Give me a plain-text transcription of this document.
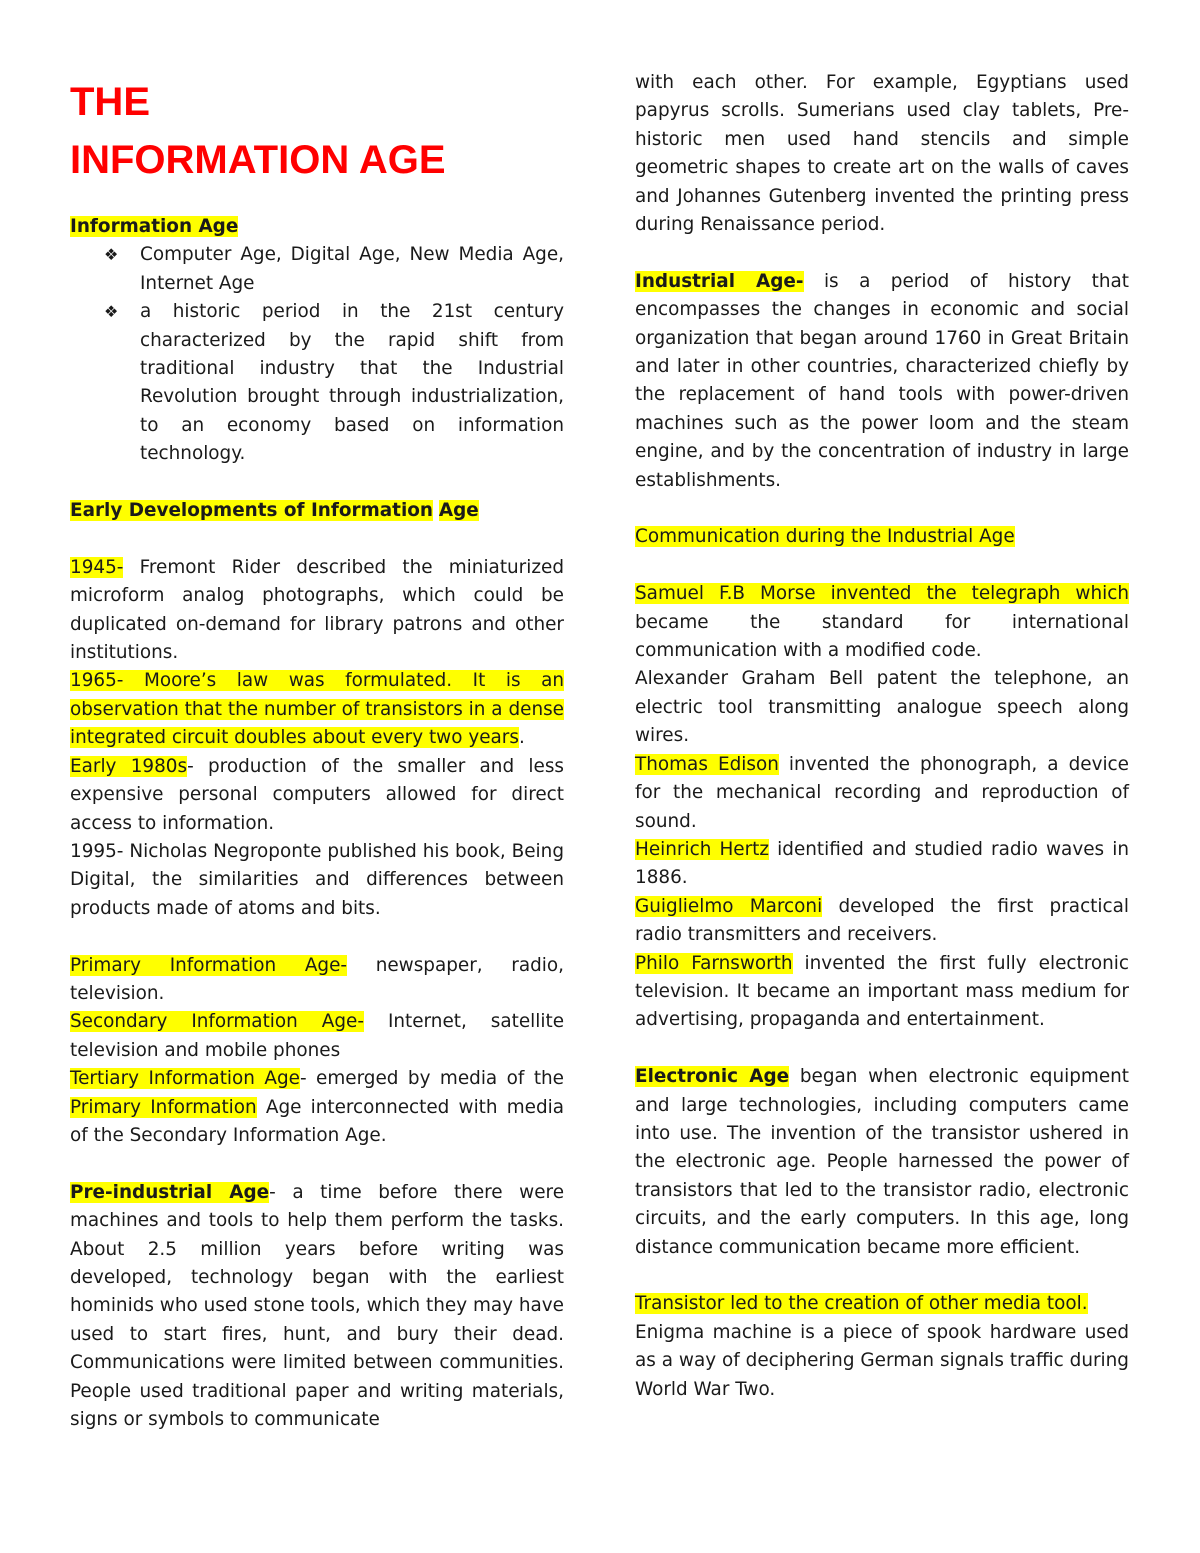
THE
INFORMATION AGE

Information Age

❖ Computer Age, Digital Age, New Media Age, Internet Age
❖ a historic period in the 21st century characterized by the rapid shift from traditional industry that the Industrial Revolution brought through industrialization, to an economy based on information technology.

Early Developments of Information Age

1945- Fremont Rider described the miniaturized microform analog photographs, which could be duplicated on-demand for library patrons and other institutions.

1965- Moore’s law was formulated. It is an observation that the number of transistors in a dense integrated circuit doubles about every two years.

Early 1980s- production of the smaller and less expensive personal computers allowed for direct access to information.

1995- Nicholas Negroponte published his book, Being Digital, the similarities and differences between products made of atoms and bits.

Primary Information Age- newspaper, radio, television.

Secondary Information Age- Internet, satellite television and mobile phones

Tertiary Information Age- emerged by media of the Primary Information Age interconnected with media of the Secondary Information Age.

Pre-industrial Age- a time before there were machines and tools to help them perform the tasks. About 2.5 million years before writing was developed, technology began with the earliest hominids who used stone tools, which they may have used to start fires, hunt, and bury their dead. Communications were limited between communities. People used traditional paper and writing materials, signs or symbols to communicate

with each other. For example, Egyptians used papyrus scrolls. Sumerians used clay tablets, Pre-historic men used hand stencils and simple geometric shapes to create art on the walls of caves and Johannes Gutenberg invented the printing press during Renaissance period.

Industrial Age- is a period of history that encompasses the changes in economic and social organization that began around 1760 in Great Britain and later in other countries, characterized chiefly by the replacement of hand tools with power-driven machines such as the power loom and the steam engine, and by the concentration of industry in large establishments.

Communication during the Industrial Age

Samuel F.B Morse invented the telegraph which became the standard for international communication with a modified code.

Alexander Graham Bell patent the telephone, an electric tool transmitting analogue speech along wires.

Thomas Edison invented the phonograph, a device for the mechanical recording and reproduction of sound.

Heinrich Hertz identified and studied radio waves in 1886.

Guiglielmo Marconi developed the first practical radio transmitters and receivers.

Philo Farnsworth invented the first fully electronic television. It became an important mass medium for advertising, propaganda and entertainment.

Electronic Age began when electronic equipment and large technologies, including computers came into use. The invention of the transistor ushered in the electronic age. People harnessed the power of transistors that led to the transistor radio, electronic circuits, and the early computers. In this age, long distance communication became more efficient.

Transistor led to the creation of other media tool.

Enigma machine is a piece of spook hardware used as a way of deciphering German signals traffic during World War Two.
